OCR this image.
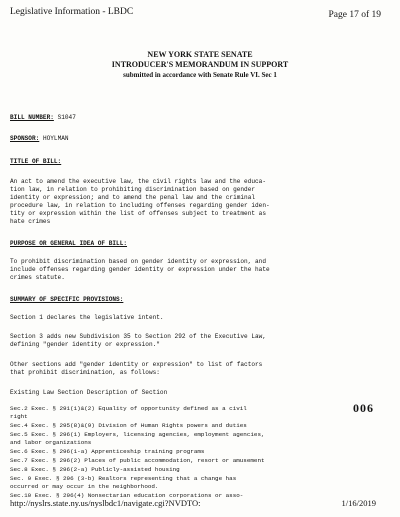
Legislative Information - LBDC	Page 17 of 19
NEW YORK STATE SENATE
INTRODUCER'S MEMORANDUM IN SUPPORT
submitted in accordance with Senate Rule VI. Sec 1
BILL NUMBER: S1047
SPONSOR: HOYLMAN
TITLE OF BILL:
An act to amend the executive law, the civil rights law and the educa-
tion law, in relation to prohibiting discrimination based on gender
identity or expression; and to amend the penal law and the criminal
procedure law, in relation to including offenses regarding gender iden-
tity or expression within the list of offenses subject to treatment as
hate crimes
PURPOSE OR GENERAL IDEA OF BILL:
To prohibit discrimination based on gender identity or expression, and
include offenses regarding gender identity or expression under the hate
crimes statute.
SUMMARY OF SPECIFIC PROVISIONS:
Section 1 declares the legislative intent.
Section 3 adds new Subdivision 35 to Section 292 of the Executive Law,
defining "gender identity or expression."
Other sections add "gender identity or expression" to list of factors
that prohibit discrimination, as follows:
Existing Law Section Description of Section
006
http://nyslrs.state.ny.us/nyslbdc1/navigate.cgi?NVDTO:	1/16/2019
Sec.2 Exec. § 291(1)&(2) Equality of opportunity defined as a civil
right
Sec.4 Exec. § 295(8)&(9) Division of Human Rights powers and duties
Sec.5 Exec. § 296(1) Employers, licensing agencies, employment agencies,
and labor organizations
Sec.6 Exec. § 296(1-a) Apprenticeship training programs
Sec.7 Exec. § 296(2) Places of public accommodation, resort or amusement
Sec.8 Exec. § 296(2-a) Publicly-assisted housing
Sec. 9 Exec. § 296 (3-b) Realtors representing that a change has
occurred or may occur in the neighborhood.
Sec.10 Exec. § 296(4) Nonsectarian education corporations or asso-
